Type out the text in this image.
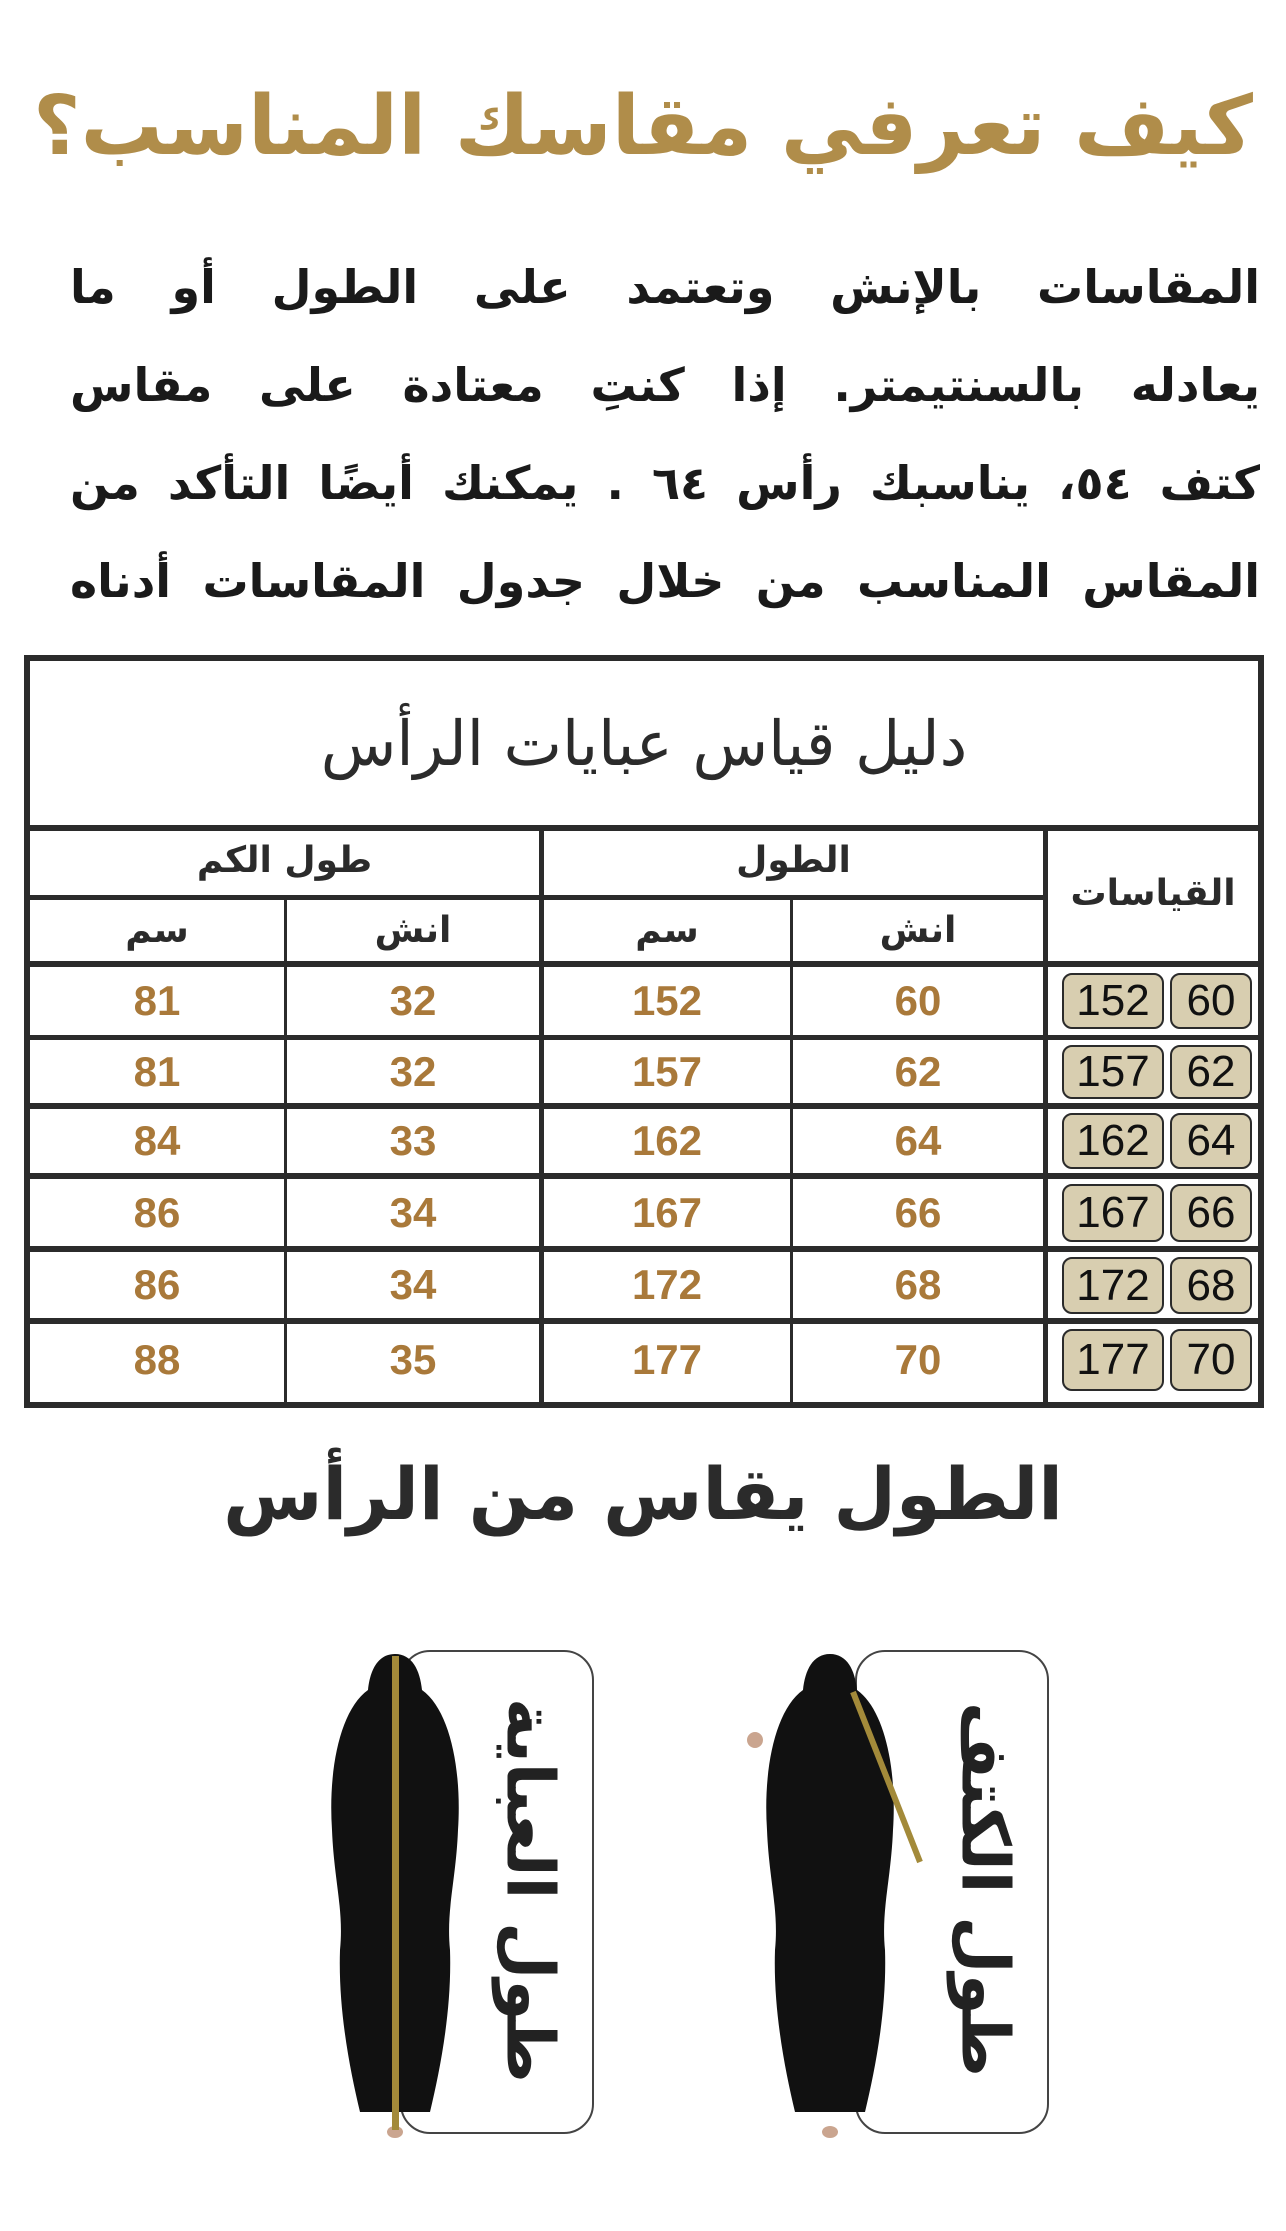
كيف تعرفي مقاسك المناسب؟

المقاسات بالإنش وتعتمد على الطول أو ما

يعادله بالسنتيمتر. إذا كنتِ معتادة على مقاس

كتف ٥٤، يناسبك رأس ٦٤ . يمكنك أيضًا التأكد من

المقاس المناسب من خلال جدول المقاسات أدناه

دليل قياس عبايات الرأس
القياسات
الطول
طول الكم
انش
سم
انش
سم
60
152
60
152
32
81
62
157
62
157
32
81
64
162
64
162
33
84
66
167
66
167
34
86
68
172
68
172
34
86
70
177
70
177
35
88
الطول يقاس من الرأس
طول العباية	طول الكتف
